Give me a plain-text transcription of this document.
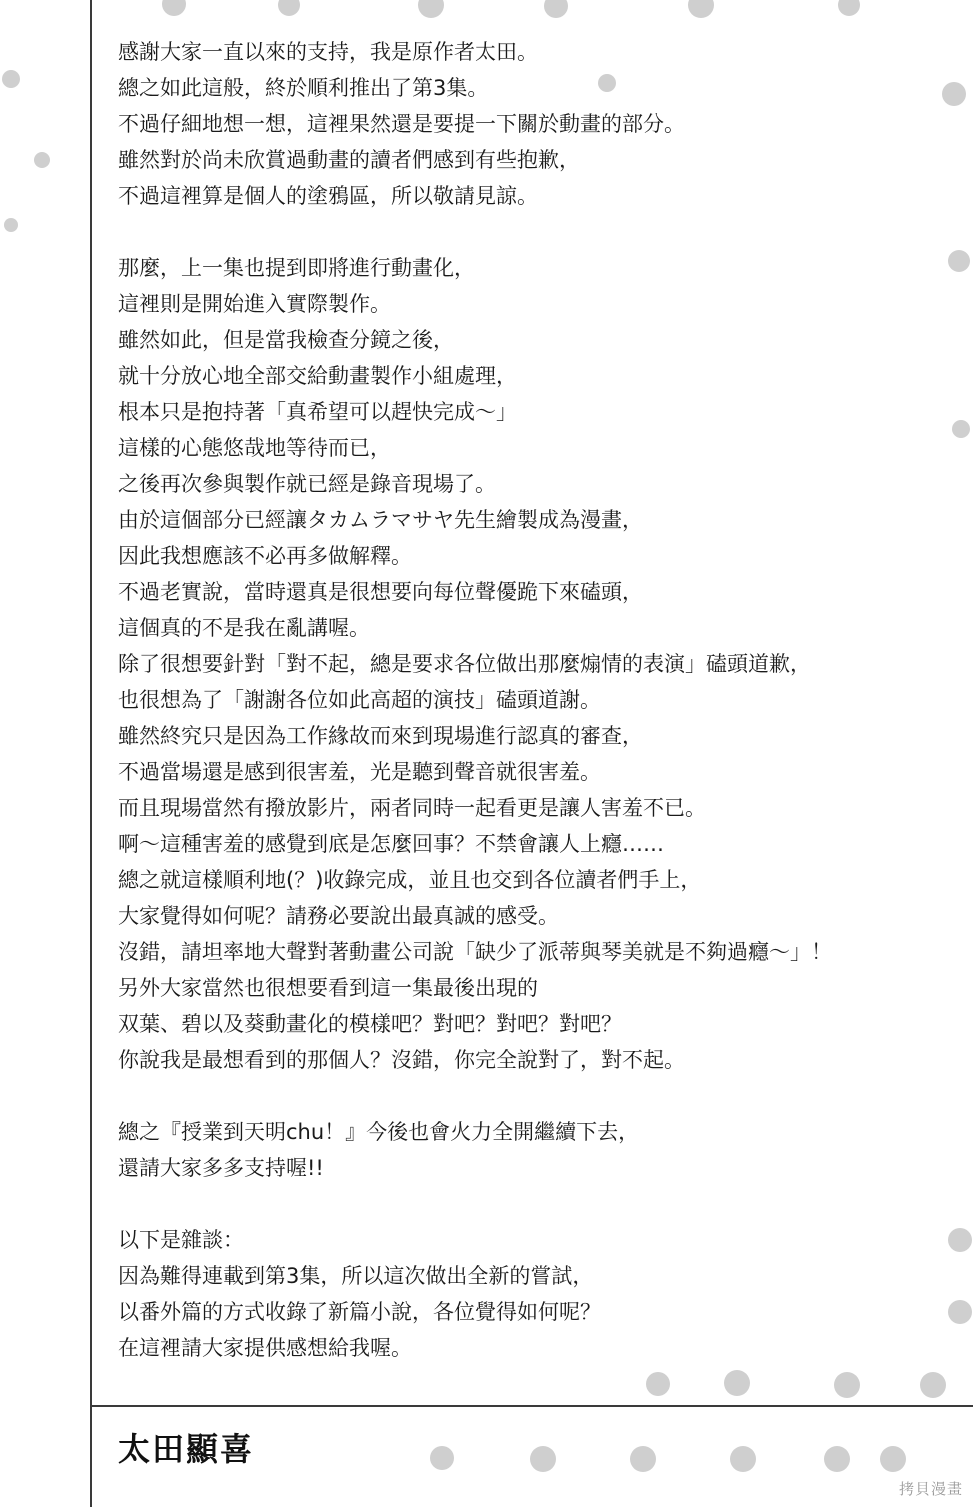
感謝大家一直以來的支持，我是原作者太田。
總之如此這般，終於順利推出了第3集。
不過仔細地想一想，這裡果然還是要提一下關於動畫的部分。
雖然對於尚未欣賞過動畫的讀者們感到有些抱歉，
不過這裡算是個人的塗鴉區，所以敬請見諒。
那麼，上一集也提到即將進行動畫化，
這裡則是開始進入實際製作。
雖然如此，但是當我檢查分鏡之後，
就十分放心地全部交給動畫製作小組處理，
根本只是抱持著「真希望可以趕快完成～」
這樣的心態悠哉地等待而已，
之後再次參與製作就已經是錄音現場了。
由於這個部分已經讓タカムラマサヤ先生繪製成為漫畫，
因此我想應該不必再多做解釋。
不過老實說，當時還真是很想要向每位聲優跪下來磕頭，
這個真的不是我在亂講喔。
除了很想要針對「對不起，總是要求各位做出那麼煽情的表演」磕頭道歉，
也很想為了「謝謝各位如此高超的演技」磕頭道謝。
雖然終究只是因為工作緣故而來到現場進行認真的審查，
不過當場還是感到很害羞，光是聽到聲音就很害羞。
而且現場當然有撥放影片，兩者同時一起看更是讓人害羞不已。
啊～這種害羞的感覺到底是怎麼回事？不禁會讓人上癮……
總之就這樣順利地(？)收錄完成，並且也交到各位讀者們手上，
大家覺得如何呢？請務必要說出最真誠的感受。
沒錯，請坦率地大聲對著動畫公司說「缺少了派蒂與琴美就是不夠過癮～」！
另外大家當然也很想要看到這一集最後出現的
双葉、碧以及葵動畫化的模樣吧？對吧？對吧？對吧？
你說我是最想看到的那個人？沒錯，你完全說對了，對不起。
總之『授業到天明chu！』今後也會火力全開繼續下去，
還請大家多多支持喔!!
以下是雜談：
因為難得連載到第3集，所以這次做出全新的嘗試，
以番外篇的方式收錄了新篇小說，各位覺得如何呢？
在這裡請大家提供感想給我喔。
太田顯喜
拷貝漫畫
